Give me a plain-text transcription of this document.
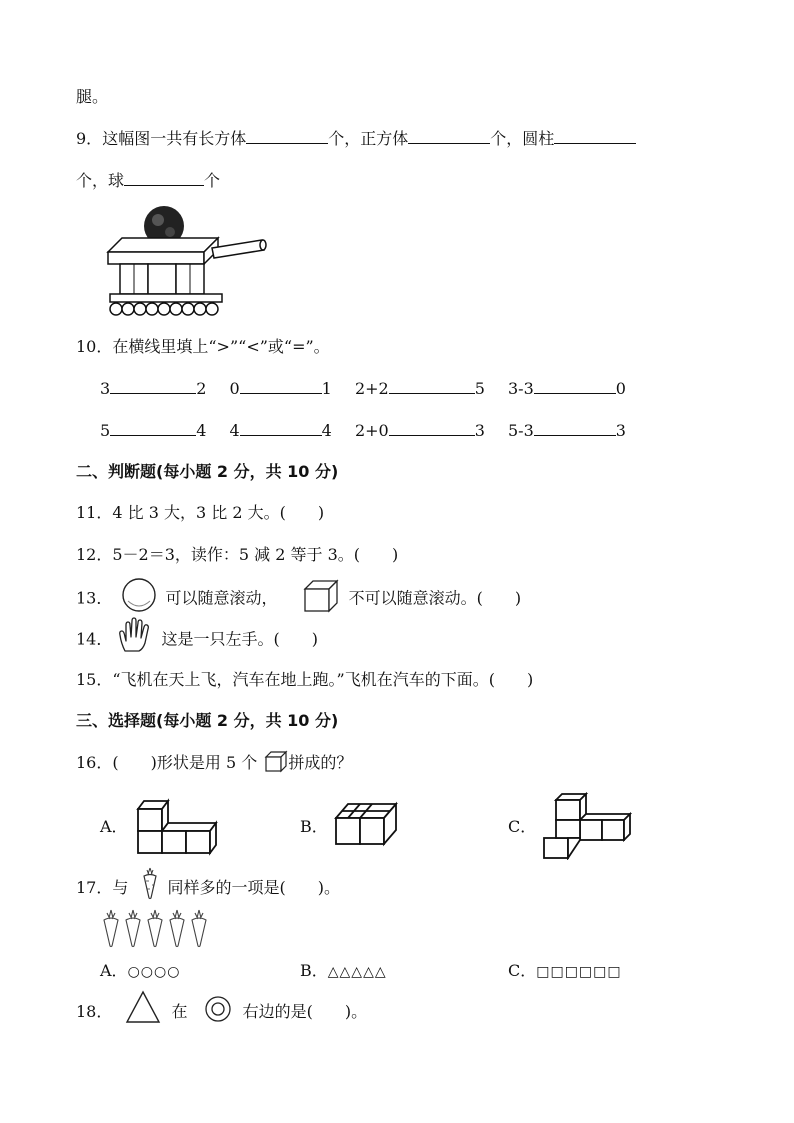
腿。
9．这幅图一共有长方体	个，正方体	个，圆柱
个，球	个
10．在横线里填上“>”“<”或“=”。
3	2 0	1 2+2	5 3-3	0
5	4 4	4 2+0	3 5-3	3
二、判断题(每小题 2 分，共 10 分)
11．4 比 3 大，3 比 2 大。(　　)
12．5－2＝3，读作：5 减 2 等于 3。(　　)
13．	可以随意滚动，	不可以随意滚动。(　　)
14．	这是一只左手。(　　)
15．“飞机在天上飞，汽车在地上跑。”飞机在汽车的下面。(　　)
三、选择题(每小题 2 分，共 10 分)
16．(　　)形状是用 5 个 拼成的？
A．	B．	C．
17．与 同样多的一项是(　　)。
A．○○○○	B．△△△△△	C．□□□□□□
18．	在	右边的是(　　)。
